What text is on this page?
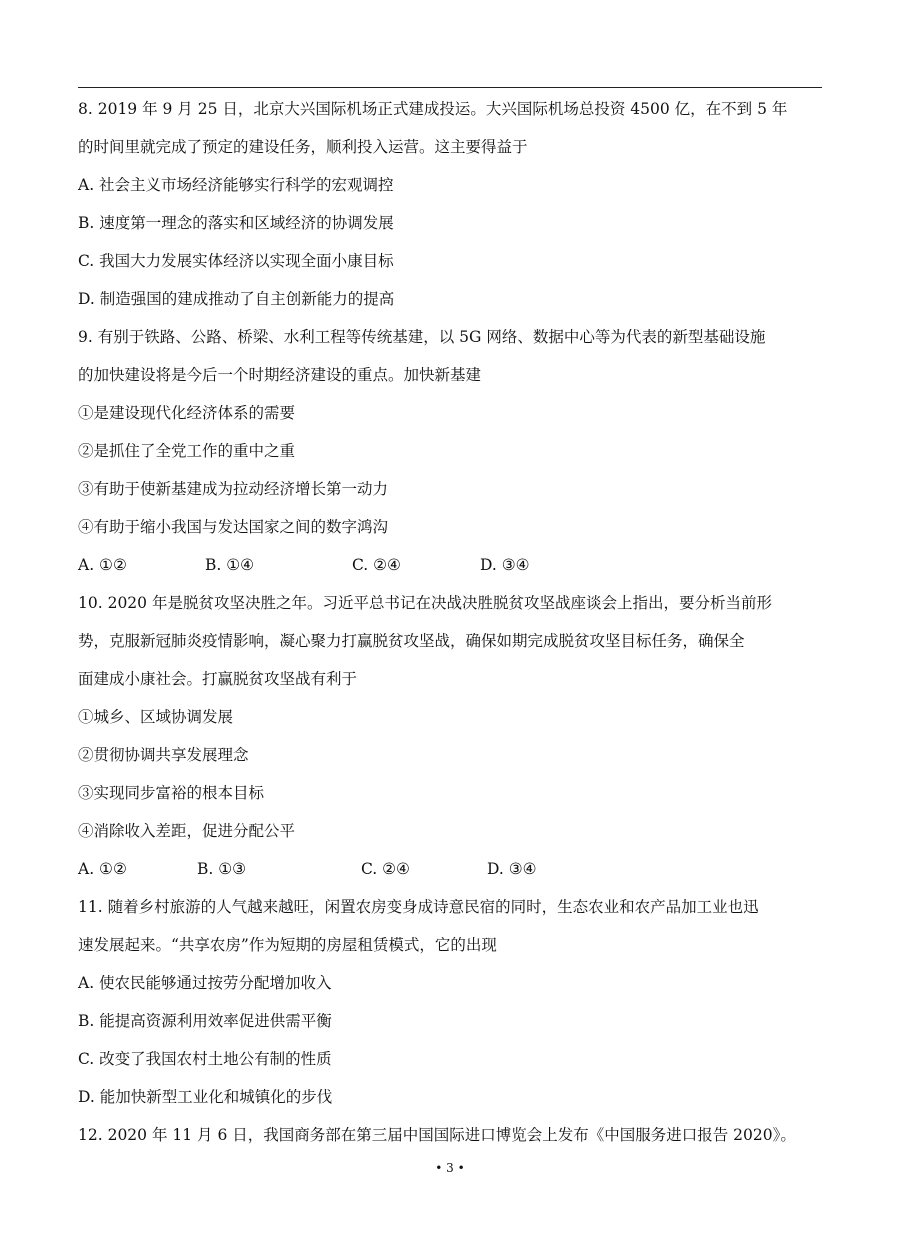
8. 2019 年 9 月 25 日，北京大兴国际机场正式建成投运。大兴国际机场总投资 4500 亿，在不到 5 年
的时间里就完成了预定的建设任务，顺利投入运营。这主要得益于
A. 社会主义市场经济能够实行科学的宏观调控
B. 速度第一理念的落实和区域经济的协调发展
C. 我国大力发展实体经济以实现全面小康目标
D. 制造强国的建成推动了自主创新能力的提高
9. 有别于铁路、公路、桥梁、水利工程等传统基建，以 5G 网络、数据中心等为代表的新型基础设施
的加快建设将是今后一个时期经济建设的重点。加快新基建
①是建设现代化经济体系的需要
②是抓住了全党工作的重中之重
③有助于使新基建成为拉动经济增长第一动力
④有助于缩小我国与发达国家之间的数字鸿沟
A. ①②	B. ①④	C. ②④	D. ③④
10. 2020 年是脱贫攻坚决胜之年。习近平总书记在决战决胜脱贫攻坚战座谈会上指出，要分析当前形
势，克服新冠肺炎疫情影响，凝心聚力打赢脱贫攻坚战，确保如期完成脱贫攻坚目标任务，确保全
面建成小康社会。打赢脱贫攻坚战有利于
①城乡、区域协调发展
②贯彻协调共享发展理念
③实现同步富裕的根本目标
④消除收入差距，促进分配公平
A. ①②	B. ①③	C. ②④	D. ③④
11. 随着乡村旅游的人气越来越旺，闲置农房变身成诗意民宿的同时，生态农业和农产品加工业也迅
速发展起来。“共享农房”作为短期的房屋租赁模式，它的出现
A. 使农民能够通过按劳分配增加收入
B. 能提高资源利用效率促进供需平衡
C. 改变了我国农村土地公有制的性质
D. 能加快新型工业化和城镇化的步伐
12. 2020 年 11 月 6 日，我国商务部在第三届中国国际进口博览会上发布《中国服务进口报告 2020》。
• 3 •
